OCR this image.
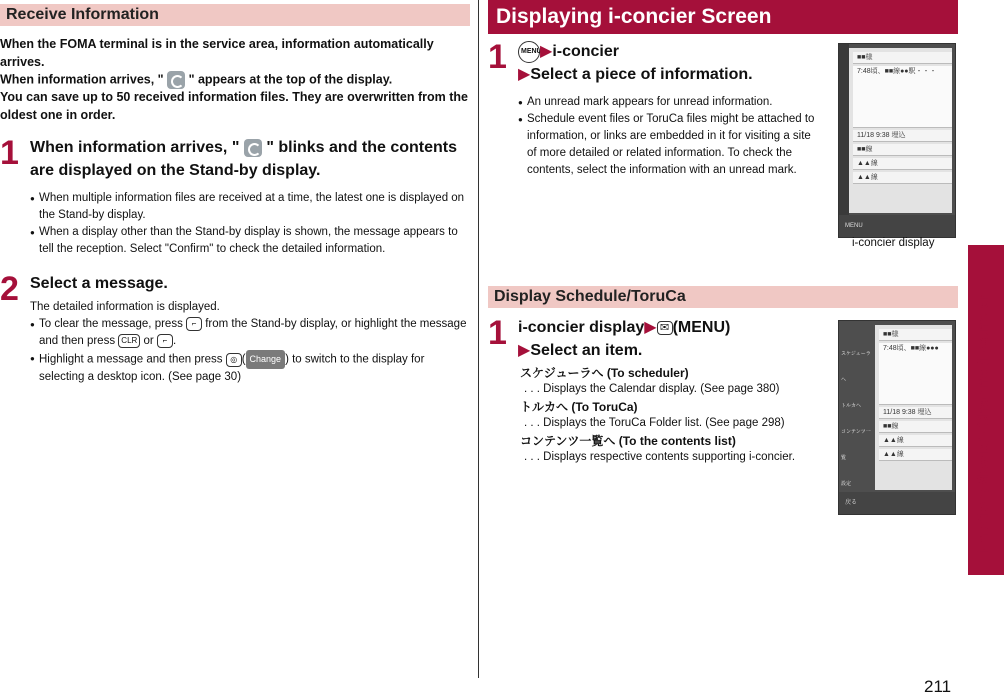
Receive Information
When the FOMA terminal is in the service area, information automatically arrives.
When information arrives, " " appears at the top of the display.
You can save up to 50 received information files. They are overwritten from the oldest one in order.
1 When information arrives, " " blinks and the contents are displayed on the Stand-by display.
● When multiple information files are received at a time, the latest one is displayed on the Stand-by display.
● When a display other than the Stand-by display is shown, the message appears to tell the reception. Select "Confirm" to check the detailed information.
2 Select a message.
The detailed information is displayed.
● To clear the message, press ⌐ from the Stand-by display, or highlight the message and then press CLR or ⌐ .
● Highlight a message and then press ◎ ( Change ) to switch to the display for selecting a desktop icon. (See page 30)
Displaying i-concier Screen
1	MENU▶i-concier
▶Select a piece of information.
● An unread mark appears for unread information.
● Schedule event files or ToruCa files might be attached to information, or links are embedded in it for visiting a site of more detailed or related information. To check the contents, select the information with an unread mark.
■■様
7:48頃、■■線●●駅・・・
11/18 9:38 埋込
■■線
▲▲線
▲▲線
MENU
i-concier display
Display Schedule/ToruCa
1 i-concier display▶ ✉ (MENU)
▶Select an item.
スケジューラへ (To scheduler)
. . . Displays the Calendar display. (See page 380)
トルカへ (To ToruCa)
. . . Displays the ToruCa Folder list. (See page 298)
コンテンツ一覧へ (To the contents list)
. . . Displays respective contents supporting i-concier.
スケジューラへ
トルカへ
コンテンツ一覧
設定
■■様
7:48頃、■■線●●●
11/18 9:38 埋込
■■線
▲▲線
▲▲線
戻る	i-motion/Movie/i-Channel/i-concier
211
